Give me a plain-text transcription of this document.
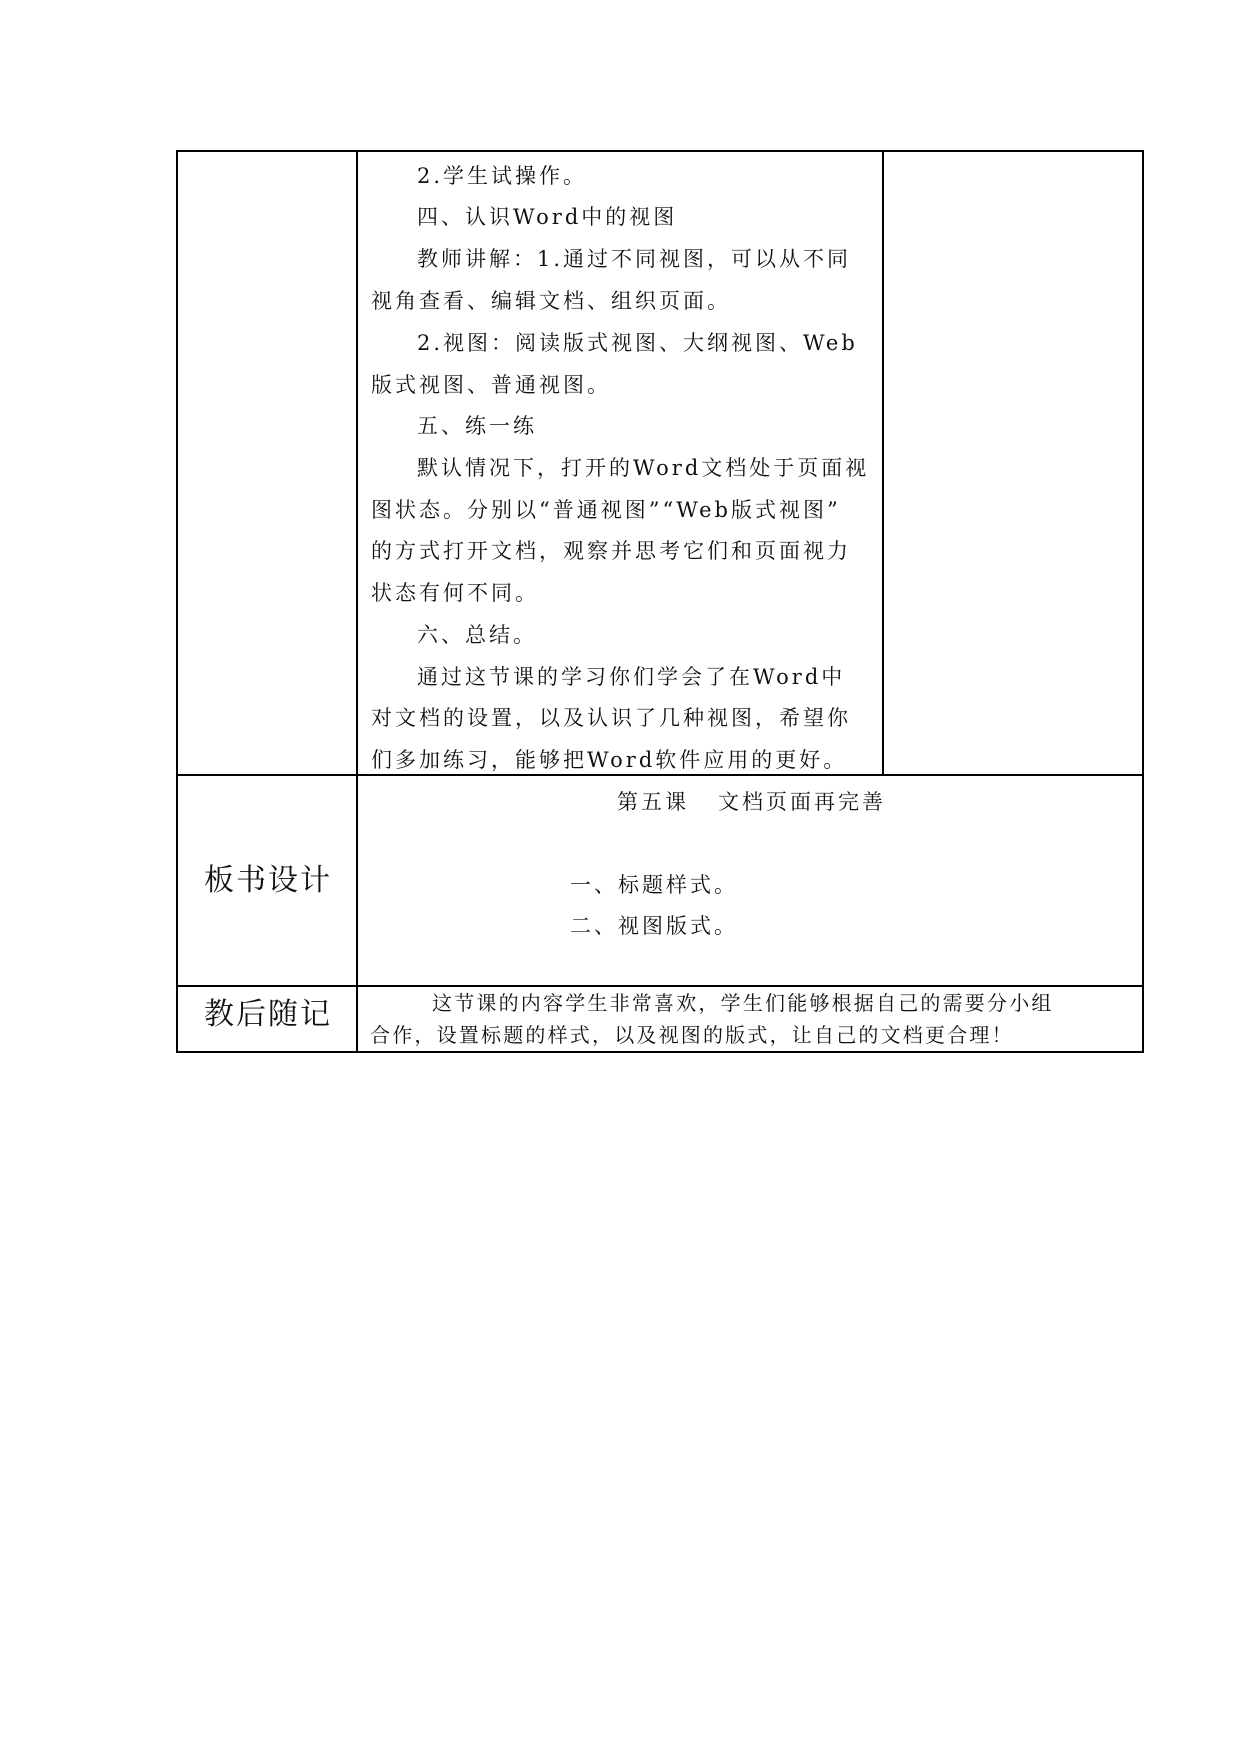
2.学生试操作。
四、认识Word中的视图
教师讲解：1.通过不同视图，可以从不同
视角查看、编辑文档、组织页面。
2.视图：阅读版式视图、大纲视图、Web
版式视图、普通视图。
五、练一练
默认情况下，打开的Word文档处于页面视
图状态。分别以“普通视图”“Web版式视图”
的方式打开文档，观察并思考它们和页面视力
状态有何不同。
六、总结。
通过这节课的学习你们学会了在Word中
对文档的设置，以及认识了几种视图，希望你
们多加练习，能够把Word软件应用的更好。
板书设计
第五课   文档页面再完善
一、标题样式。
二、视图版式。
教后随记	这节课的内容学生非常喜欢，学生们能够根据自己的需要分小组
合作，设置标题的样式，以及视图的版式，让自己的文档更合理！
